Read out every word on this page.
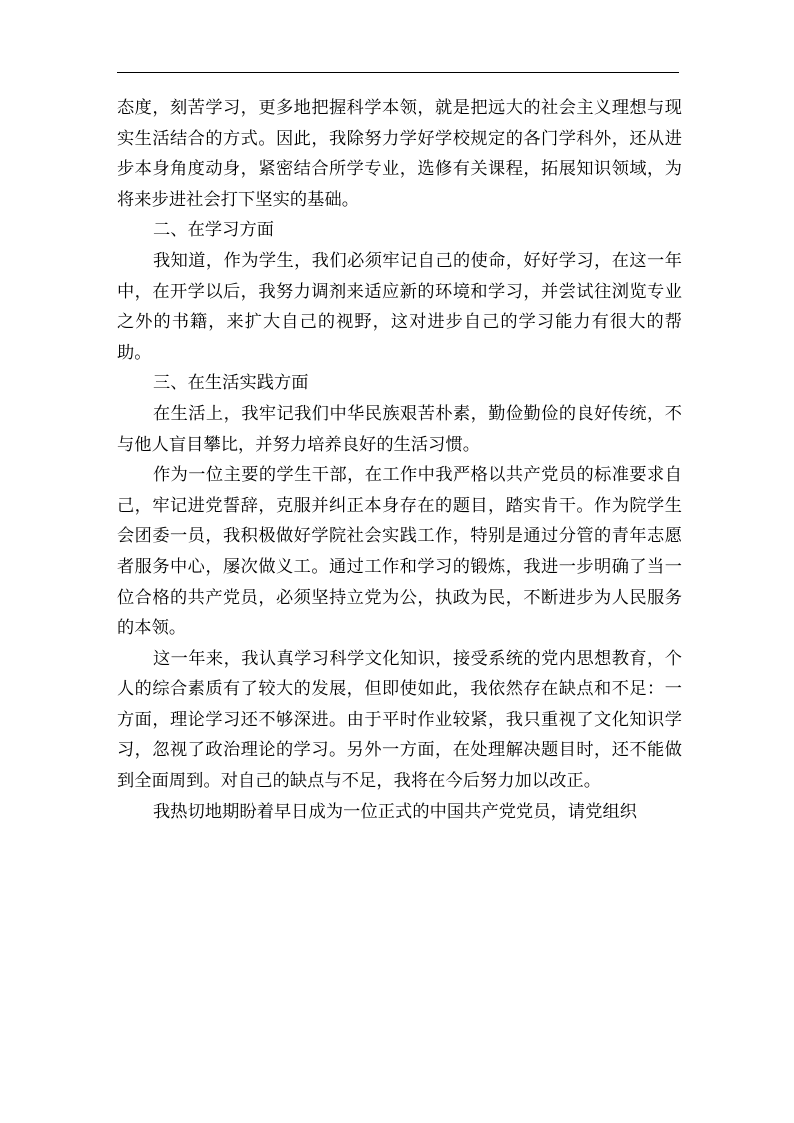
态度，刻苦学习，更多地把握科学本领，就是把远大的社会主义理想与现实生活结合的方式。因此，我除努力学好学校规定的各门学科外，还从进步本身角度动身，紧密结合所学专业，选修有关课程，拓展知识领域，为将来步进社会打下坚实的基础。

二、在学习方面

我知道，作为学生，我们必须牢记自己的使命，好好学习，在这一年中，在开学以后，我努力调剂来适应新的环境和学习，并尝试往浏览专业之外的书籍，来扩大自己的视野，这对进步自己的学习能力有很大的帮助。

三、在生活实践方面

在生活上，我牢记我们中华民族艰苦朴素，勤俭勤俭的良好传统，不与他人盲目攀比，并努力培养良好的生活习惯。

作为一位主要的学生干部，在工作中我严格以共产党员的标准要求自己，牢记进党誓辞，克服并纠正本身存在的题目，踏实肯干。作为院学生会团委一员，我积极做好学院社会实践工作，特别是通过分管的青年志愿者服务中心，屡次做义工。通过工作和学习的锻炼，我进一步明确了当一位合格的共产党员，必须坚持立党为公，执政为民，不断进步为人民服务的本领。

这一年来，我认真学习科学文化知识，接受系统的党内思想教育，个人的综合素质有了较大的发展，但即使如此，我依然存在缺点和不足：一方面，理论学习还不够深进。由于平时作业较紧，我只重视了文化知识学习，忽视了政治理论的学习。另外一方面，在处理解决题目时，还不能做到全面周到。对自己的缺点与不足，我将在今后努力加以改正。

我热切地期盼着早日成为一位正式的中国共产党党员，请党组织
